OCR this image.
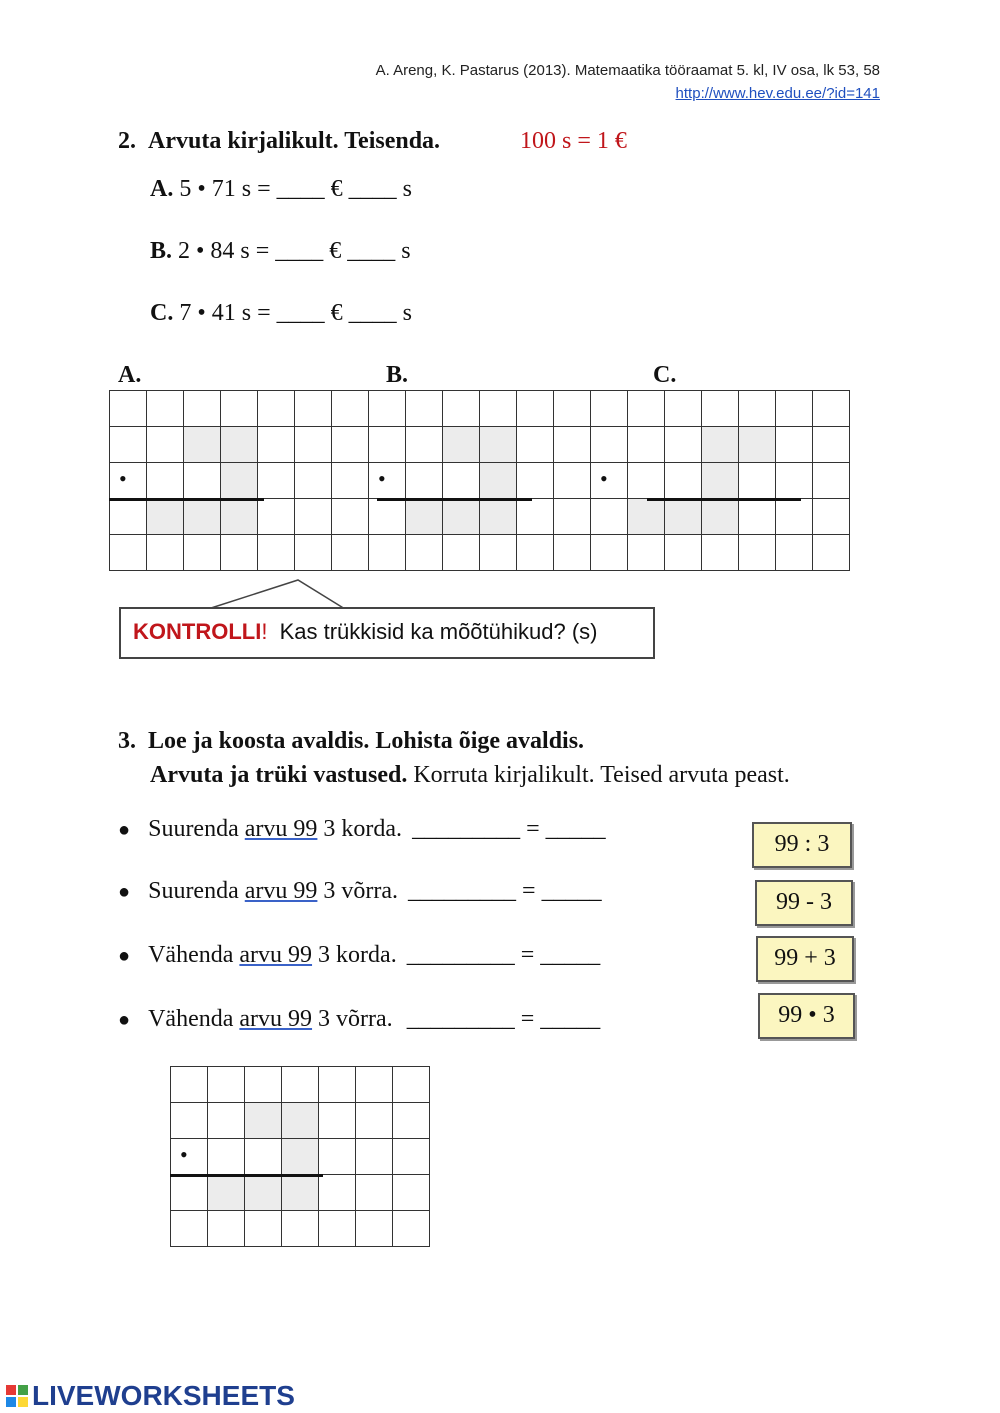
A. Areng, K. Pastarus (2013). Matemaatika tööraamat 5. kl, IV osa, lk 53, 58
http://www.hev.edu.ee/?id=141
2. Arvuta kirjalikult. Teisenda.	100 s = 1 €
A. 5 • 71 s = ____ € ____ s
B. 2 • 84 s = ____ € ____ s
C. 7 • 41 s = ____ € ____ s
A.	B.	C.

•							•						•						

KONTROLLI! Kas trükkisid ka mõõtühikud? (s)
3. Loe ja koosta avaldis. Lohista õige avaldis.
Arvuta ja trüki vastused. Korruta kirjalikult. Teised arvuta peast.
● Suurenda arvu 99 3 korda. _________ = _____
● Suurenda arvu 99 3 võrra. _________ = _____
● Vähenda arvu 99 3 korda. _________ = _____
● Vähenda arvu 99 3 võrra. _________ = _____
99 : 3
99 - 3
99 + 3
99 • 3

•						

LIVEWORKSHEETS
